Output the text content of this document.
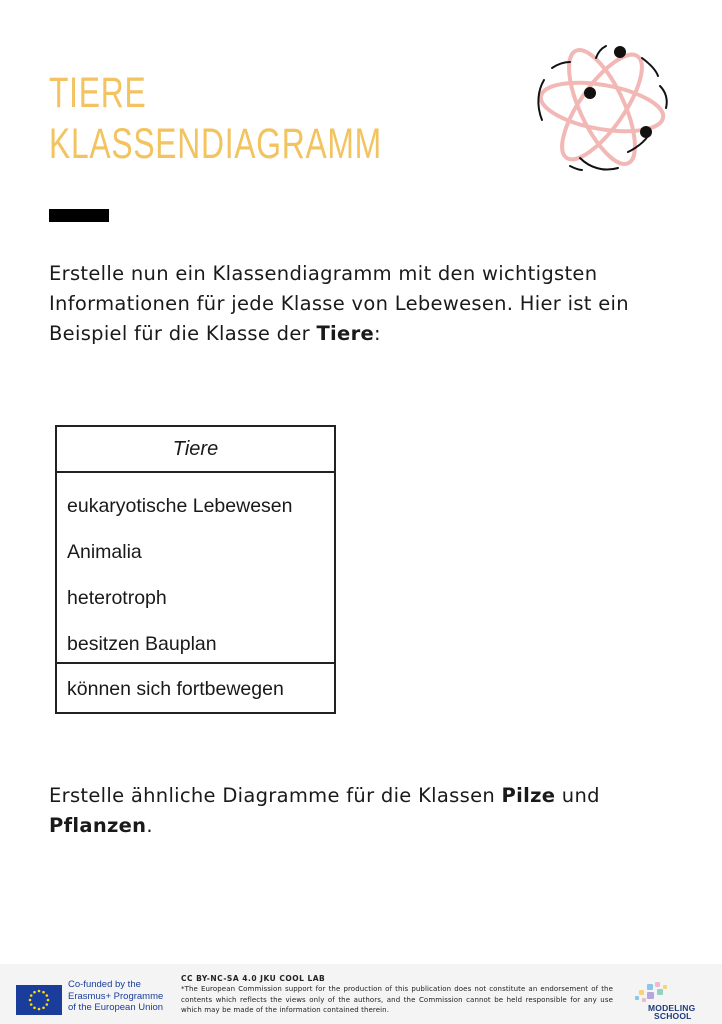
TIERE
KLASSENDIAGRAMM
Erstelle nun ein Klassendiagramm mit den wichtigsten Informationen für jede Klasse von Lebewesen. Hier ist ein Beispiel für die Klasse der Tiere:
Tiere
eukaryotische Lebewesen
Animalia
heterotroph
besitzen Bauplan
können sich fortbewegen
Erstelle ähnliche Diagramme für die Klassen Pilze und Pflanzen.
Co-funded by the
Erasmus+ Programme
of the European Union
CC BY-NC-SA 4.0 JKU COOL LAB
*The European Commission support for the production of this publication does not constitute an endorsement of the contents which reflects the views only of the authors, and the Commission cannot be held responsible for any use which may be made of the information contained therein.	MODELING
SCHOOL
